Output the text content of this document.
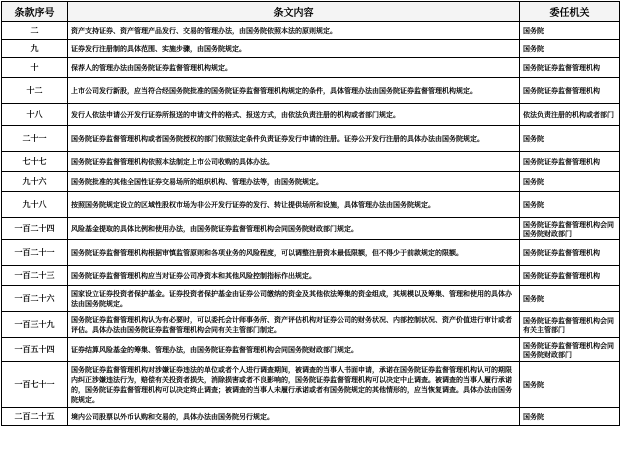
条款序号	条文内容	委任机关
二	资产支持证券、资产管理产品发行、交易的管理办法，由国务院依照本法的原则规定。	国务院
九	证券发行注册制的具体范围、实施步骤，由国务院规定。	国务院
十	保荐人的管理办法由国务院证券监督管理机构规定。	国务院证券监督管理机构
十二	上市公司发行新股，应当符合经国务院批准的国务院证券监督管理机构规定的条件，具体管理办法由国务院证券监督管理机构规定。	国务院证券监督管理机构
十八	发行人依法申请公开发行证券所报送的申请文件的格式、报送方式，由依法负责注册的机构或者部门规定。	依法负责注册的机构或者部门
二十一	国务院证券监督管理机构或者国务院授权的部门依照法定条件负责证券发行申请的注册。证券公开发行注册的具体办法由国务院规定。	国务院
七十七	国务院证券监督管理机构依照本法制定上市公司收购的具体办法。	国务院证券监督管理机构
九十六	国务院批准的其他全国性证券交易场所的组织机构、管理办法等，由国务院规定。	国务院
九十八	按照国务院规定设立的区域性股权市场为非公开发行证券的发行、转让提供场所和设施，具体管理办法由国务院规定。	国务院
一百二十四	风险基金提取的具体比例和使用办法，由国务院证券监督管理机构会同国务院财政部门规定。	国务院证券监督管理机构会同国务院财政部门
一百二十一	国务院证券监督管理机构根据审慎监管原则和各项业务的风险程度，可以调整注册资本最低限额，但不得少于前款规定的限额。	国务院证券监督管理机构
一百二十三	国务院证券监督管理机构应当对证券公司净资本和其他风险控制指标作出规定。	国务院证券监督管理机构
一百二十六	国家设立证券投资者保护基金。证券投资者保护基金由证券公司缴纳的资金及其他依法筹集的资金组成，其规模以及筹集、管理和使用的具体办法由国务院规定。	国务院
一百三十九	国务院证券监督管理机构认为有必要时，可以委托会计师事务所、资产评估机构对证券公司的财务状况、内部控制状况、资产价值进行审计或者评估。具体办法由国务院证券监督管理机构会同有关主管部门制定。	国务院证券监督管理机构会同有关主管部门
一百五十四	证券结算风险基金的筹集、管理办法，由国务院证券监督管理机构会同国务院财政部门规定。	国务院证券监督管理机构会同国务院财政部门
一百七十一	国务院证券监督管理机构对涉嫌证券违法的单位或者个人进行调查期间，被调查的当事人书面申请，承诺在国务院证券监督管理机构认可的期限内纠正涉嫌违法行为，赔偿有关投资者损失，消除损害或者不良影响的，国务院证券监督管理机构可以决定中止调查。被调查的当事人履行承诺的，国务院证券监督管理机构可以决定终止调查；被调查的当事人未履行承诺或者有国务院规定的其他情形的，应当恢复调查。具体办法由国务院规定。	国务院
二百二十五	境内公司股票以外币认购和交易的，具体办法由国务院另行规定。	国务院
